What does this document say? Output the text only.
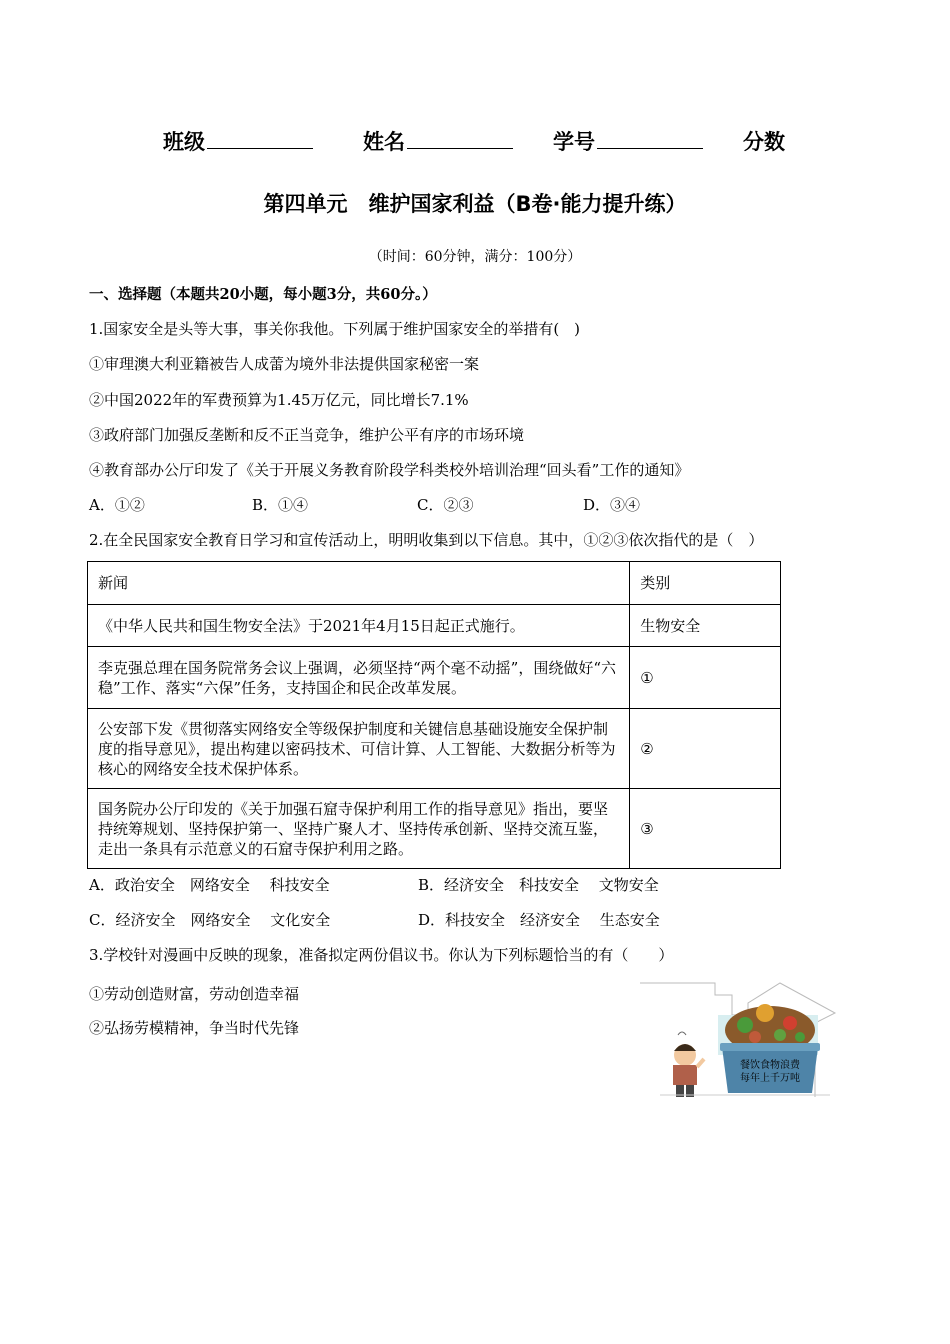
班级	姓名	学号	分数
第四单元　维护国家利益（B卷·能力提升练）
（时间：60分钟，满分：100分）
一、选择题（本题共20小题，每小题3分，共60分。）
1.国家安全是头等大事，事关你我他。下列属于维护国家安全的举措有(　)
①审理澳大利亚籍被告人成蕾为境外非法提供国家秘密一案
②中国2022年的军费预算为1.45万亿元，同比增长7.1%
③政府部门加强反垄断和反不正当竞争，维护公平有序的市场环境
④教育部办公厅印发了《关于开展义务教育阶段学科类校外培训治理“回头看”工作的通知》
A．①②	B．①④	C．②③	D．③④
2.在全民国家安全教育日学习和宣传活动上，明明收集到以下信息。其中，①②③依次指代的是（　）
新闻	类别
《中华人民共和国生物安全法》于2021年4月15日起正式施行。	生物安全
李克强总理在国务院常务会议上强调，必须坚持“两个毫不动摇”，围绕做好“六稳”工作、落实“六保”任务，支持国企和民企改革发展。	①
公安部下发《贯彻落实网络安全等级保护制度和关键信息基础设施安全保护制度的指导意见》，提出构建以密码技术、可信计算、人工智能、大数据分析等为核心的网络安全技术保护体系。	②
国务院办公厅印发的《关于加强石窟寺保护利用工作的指导意见》指出，要坚持统筹规划、坚持保护第一、坚持广聚人才、坚持传承创新、坚持交流互鉴，走出一条具有示范意义的石窟寺保护利用之路。	③
A．政治安全　网络安全　 科技安全	B．经济安全　科技安全　 文物安全
C．经济安全　网络安全　 文化安全	D．科技安全　经济安全　 生态安全
3.学校针对漫画中反映的现象，准备拟定两份倡议书。你认为下列标题恰当的有（　　）
①劳动创造财富，劳动创造幸福
②弘扬劳模精神，争当时代先锋
餐饮食物浪费
每年上千万吨
